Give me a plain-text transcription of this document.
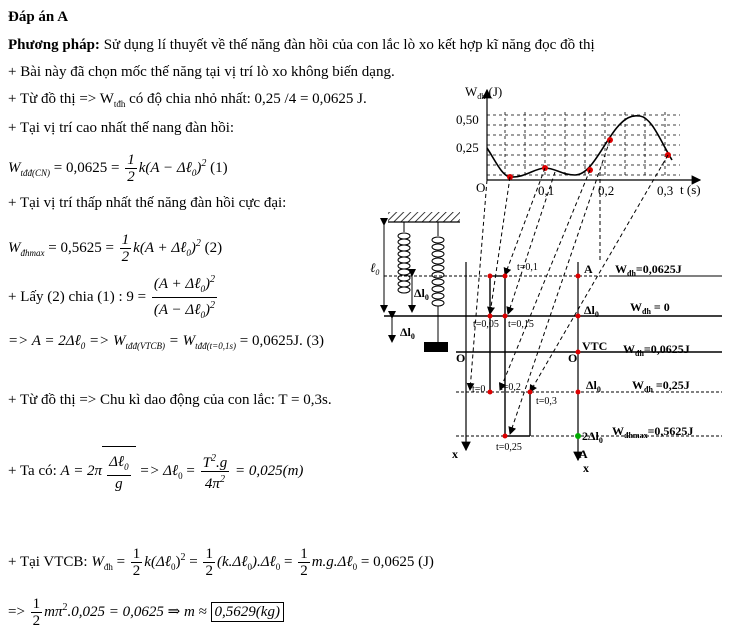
Đáp án A
Phương pháp: Sử dụng lí thuyết về thế năng đàn hồi của con lắc lò xo kết hợp kĩ năng đọc đồ thị
+ Bài này đã chọn mốc thế năng tại vị trí lò xo không biến dạng.
+ Từ đồ thị => $W_{tđh}$ có độ chia nhỏ nhất: 0,25 /4 = 0,0625 J.
+ Tại vị trí cao nhất thế nang đàn hồi:
$W_{tđđ(CN)} = 0,0625 = \frac{1}{2} k(A$ − Δℓ$_0$)$^2$ (1)
+ Tại vị trí thấp nhất thế năng đàn hồi cực đại:
$W_{đhmax} = 0,5625 = \frac{1}{2} k(A$ + Δℓ$_0$)$^2$ (2)
+ Lấy (2) chia (1) : $9 = \frac{(A + \Delta\ell_0)^2}{(A - \Delta\ell_0)^2}$
=> A = 2Δℓ$_0$ => $W_{tđđ(VTCB)} = W_{tđđ(t=0,1s)} = 0,0625J$. (3)
+ Từ đồ thị => Chu kì dao động của con lắc: T = 0,3s.
+ Ta có: $A = 2\pi \frac{\Delta\ell_0}{g}$ => Δℓ$_0$ = $\frac{T^2.g}{4\pi^2} = 0,025(m)$
+ Tại VTCB: $W_{đh} = \frac{1}{2}$ k(Δℓ$_0$)$^2$ = $\frac{1}{2}$ (k.Δℓ$_0$).Δℓ$_0$ = $\frac{1}{2}$ m.g.Δℓ$_0$ = 0,0625 (J)
=> $\frac{1}{2} m\pi^2.0,025 = 0,0625$ ⇒ m ≈ 0,5629(kg)
$W_{đh}$ (J)
0,50
0,25
O	0,1	0,2	0,3 t (s)
ℓ$_0$
$\Delta l_0$
$\Delta l_0$
t=0,1
t=0,05 t=0,15
t=0 t=0,2
t=0,3
t=0,25
A
$\Delta l_0$
VTC
$\Delta l_0$
$2\Delta l_0$
O	O
x
x
A
$W_{đh}=0,0625J$
$W_{đh} = 0$
$W_{đh}=0,0625J$
$W_{đh} =0,25J$
$W_{đhmax}=0,5625J$
